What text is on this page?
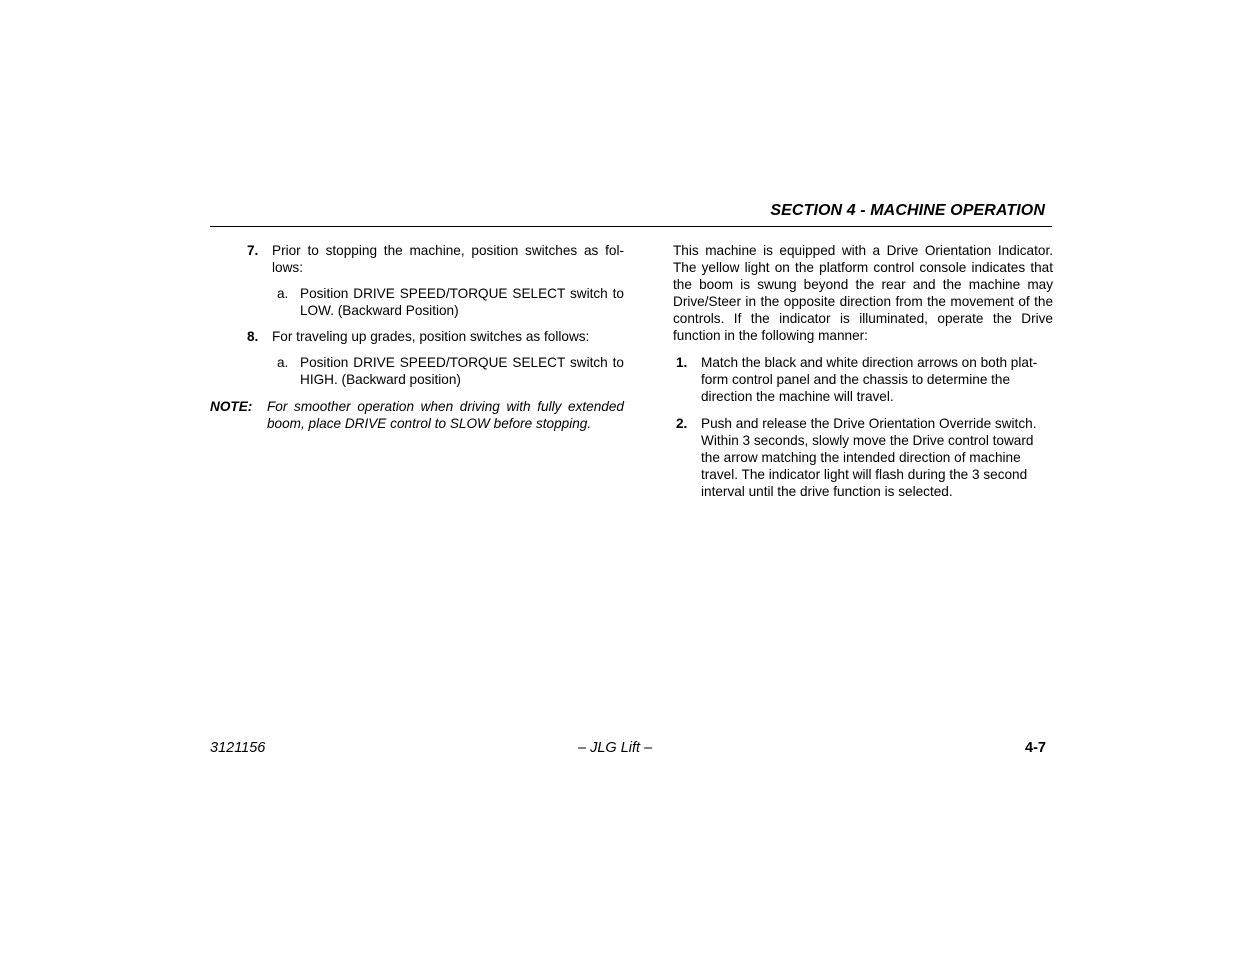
SECTION 4 - MACHINE OPERATION
7. Prior to stopping the machine, position switches as fol-lows:
a. Position DRIVE SPEED/TORQUE SELECT switch to LOW. (Backward Position)
8. For traveling up grades, position switches as follows:
a. Position DRIVE SPEED/TORQUE SELECT switch to HIGH. (Backward position)
NOTE: For smoother operation when driving with fully extended boom, place DRIVE control to SLOW before stopping.
This machine is equipped with a Drive Orientation Indicator. The yellow light on the platform control console indicates that the boom is swung beyond the rear and the machine may Drive/Steer in the opposite direction from the movement of the controls. If the indicator is illuminated, operate the Drive function in the following manner:
1. Match the black and white direction arrows on both plat-form control panel and the chassis to determine the direction the machine will travel.
2. Push and release the Drive Orientation Override switch. Within 3 seconds, slowly move the Drive control toward the arrow matching the intended direction of machine travel. The indicator light will flash during the 3 second interval until the drive function is selected.
3121156	– JLG Lift –	4-7
